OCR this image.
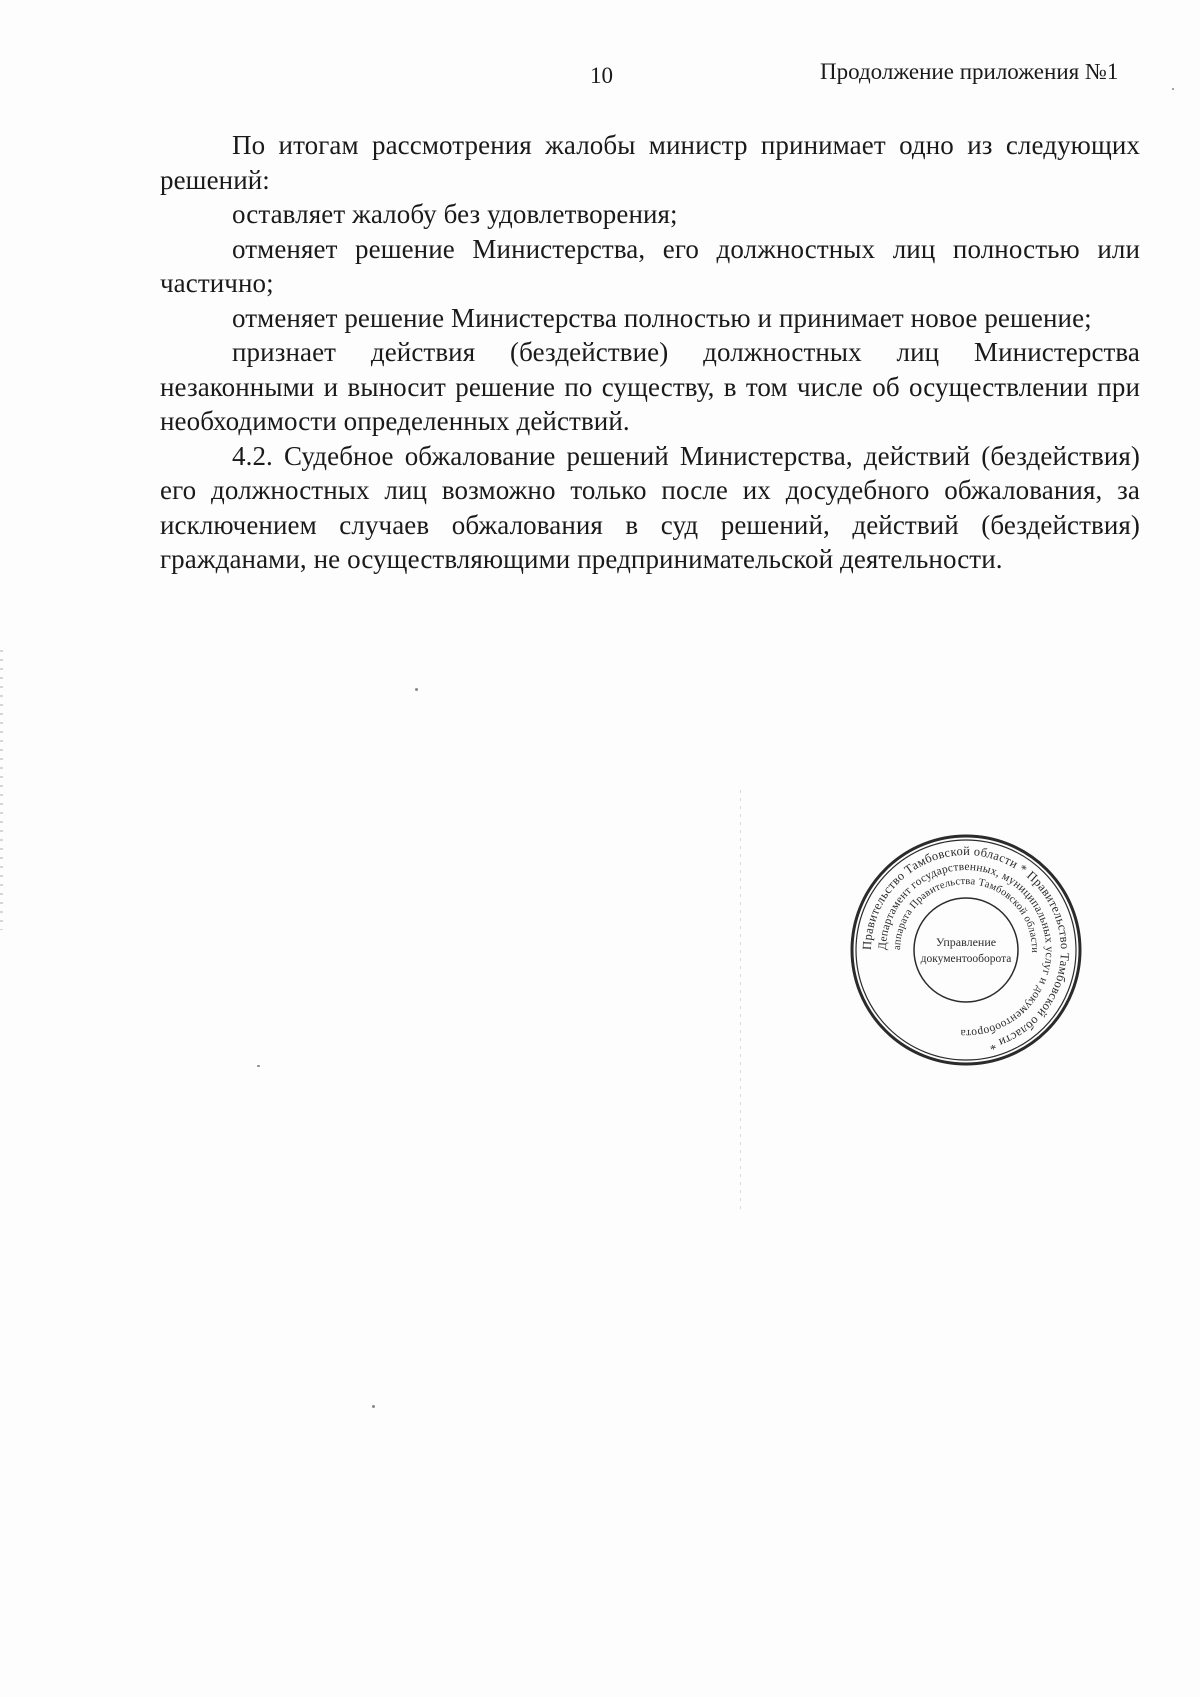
10	Продолжение приложения №1

По итогам рассмотрения жалобы министр принимает одно из следующих решений:

оставляет жалобу без удовлетворения;

отменяет решение Министерства, его должностных лиц полностью или частично;

отменяет решение Министерства полностью и принимает новое решение;

признает действия (бездействие) должностных лиц Министерства незаконными и выносит решение по существу, в том числе об осуществлении при необходимости определенных действий.

4.2. Судебное обжалование решений Министерства, действий (бездействия) его должностных лиц возможно только после их досудебного обжалования, за исключением случаев обжалования в суд решений, действий (бездействия) гражданами, не осуществляющими предпринимательской деятельности.

Правительство Тамбовской области * Правительство Тамбовской области *
Департамент государственных, муниципальных услуг и документооборота
аппарата Правительства Тамбовской области
Управление
документооборота
